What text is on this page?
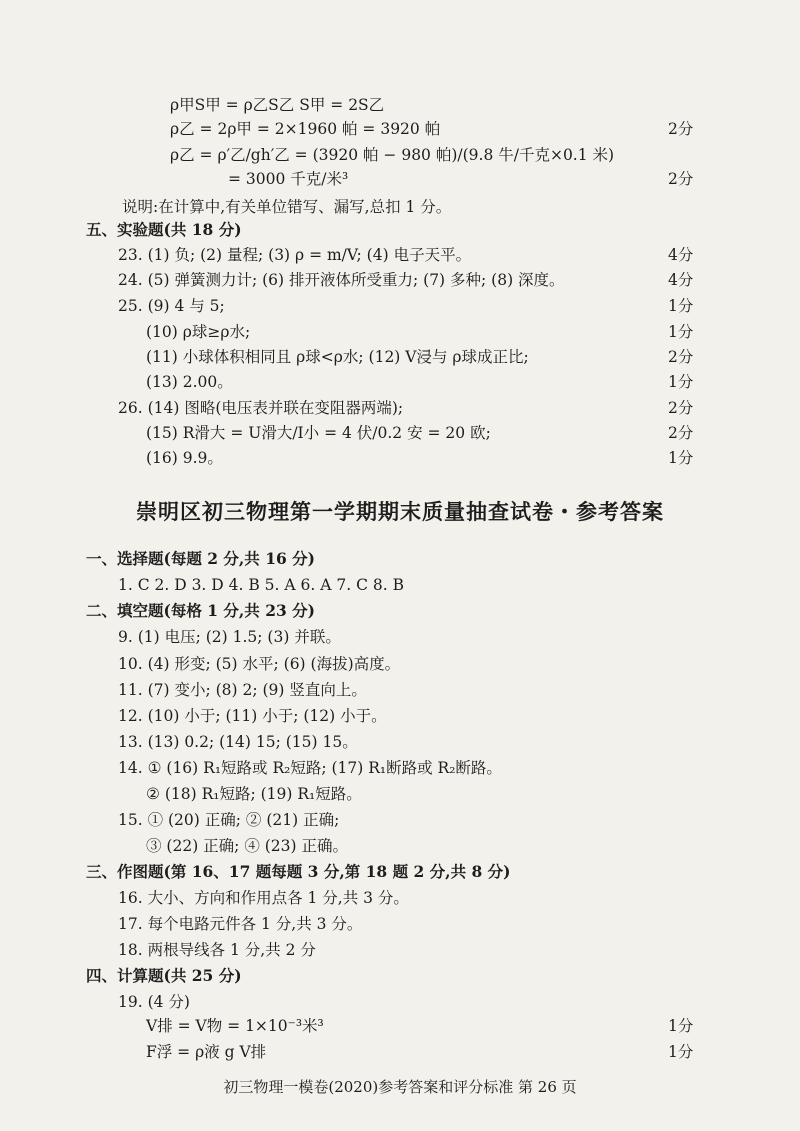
ρ甲S甲 = ρ乙S乙 S甲 = 2S乙
ρ乙 = 2ρ甲 = 2×1960 帕 = 3920 帕	2分
ρ乙 = ρ′乙/gh′乙 = (3920 帕 − 980 帕)/(9.8 牛/千克×0.1 米)
= 3000 千克/米³	2分
说明:在计算中,有关单位错写、漏写,总扣 1 分。
五、实验题(共 18 分)
23. (1) 负; (2) 量程; (3) ρ = m/V; (4) 电子天平。	4分
24. (5) 弹簧测力计; (6) 排开液体所受重力; (7) 多种; (8) 深度。	4分
25. (9) 4 与 5;	1分
(10) ρ球≥ρ水;	1分
(11) 小球体积相同且 ρ球<ρ水; (12) V浸与 ρ球成正比;	2分
(13) 2.00。	1分
26. (14) 图略(电压表并联在变阻器两端);	2分
(15) R滑大 = U滑大/I小 = 4 伏/0.2 安 = 20 欧;	2分
(16) 9.9。	1分
崇明区初三物理第一学期期末质量抽查试卷・参考答案
一、选择题(每题 2 分,共 16 分)
1. C 2. D 3. D 4. B 5. A 6. A 7. C 8. B
二、填空题(每格 1 分,共 23 分)
9. (1) 电压; (2) 1.5; (3) 并联。
10. (4) 形变; (5) 水平; (6) (海拔)高度。
11. (7) 变小; (8) 2; (9) 竖直向上。
12. (10) 小于; (11) 小于; (12) 小于。
13. (13) 0.2; (14) 15; (15) 15。
14. ① (16) R₁短路或 R₂短路; (17) R₁断路或 R₂断路。
② (18) R₁短路; (19) R₁短路。
15. ① (20) 正确; ② (21) 正确;
③ (22) 正确; ④ (23) 正确。
三、作图题(第 16、17 题每题 3 分,第 18 题 2 分,共 8 分)
16. 大小、方向和作用点各 1 分,共 3 分。
17. 每个电路元件各 1 分,共 3 分。
18. 两根导线各 1 分,共 2 分
四、计算题(共 25 分)
19. (4 分)
V排 = V物 = 1×10⁻³米³	1分
F浮 = ρ液 g V排	1分
初三物理一模卷(2020)参考答案和评分标准 第 26 页
